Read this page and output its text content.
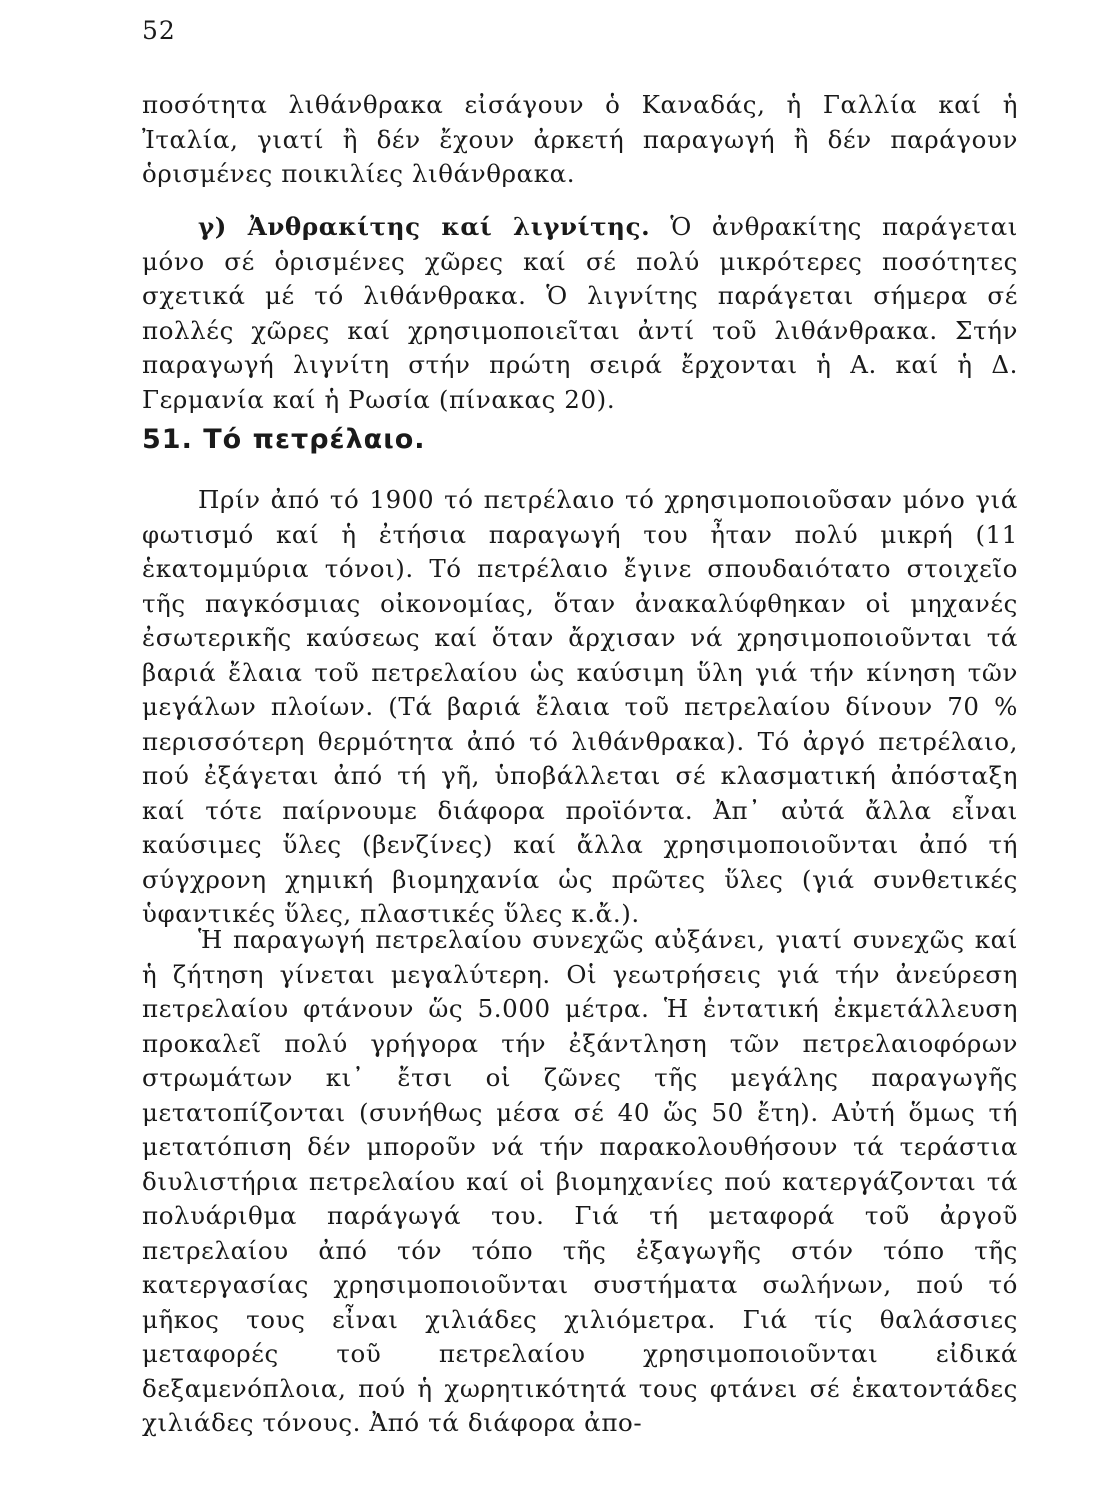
52

ποσότητα λιθάνθρακα εἰσάγουν ὁ Καναδάς, ἡ Γαλλία καί ἡ Ἰταλία, γιατί ἢ δέν ἔχουν ἀρκετή παραγωγή ἢ δέν παράγουν ὁρισμένες ποικιλίες λιθάνθρακα.

γ) Ἀνθρακίτης καί λιγνίτης. Ὁ ἀνθρακίτης παράγεται μόνο σέ ὁρισμένες χῶρες καί σέ πολύ μικρότερες ποσότητες σχετικά μέ τό λιθάνθρακα. Ὁ λιγνίτης παράγεται σήμερα σέ πολλές χῶρες καί χρησιμοποιεῖται ἀντί τοῦ λιθάνθρακα. Στήν παραγωγή λιγνίτη στήν πρώτη σειρά ἔρχονται ἡ Α. καί ἡ Δ. Γερμανία καί ἡ Ρωσία (πίνακας 20).

51. Τό πετρέλαιο.

Πρίν ἀπό τό 1900 τό πετρέλαιο τό χρησιμοποιοῦσαν μόνο γιά φωτισμό καί ἡ ἐτήσια παραγωγή του ἦταν πολύ μικρή (11 ἑκατομμύρια τόνοι). Τό πετρέλαιο ἔγινε σπουδαιότατο στοιχεῖο τῆς παγκόσμιας οἰκονομίας, ὅταν ἀνακαλύφθηκαν οἱ μηχανές ἐσωτερικῆς καύσεως καί ὅταν ἄρχισαν νά χρησιμοποιοῦνται τά βαριά ἔλαια τοῦ πετρελαίου ὡς καύσιμη ὕλη γιά τήν κίνηση τῶν μεγάλων πλοίων. (Τά βαριά ἔλαια τοῦ πετρελαίου δίνουν 70 % περισσότερη θερμότητα ἀπό τό λιθάνθρακα). Τό ἀργό πετρέλαιο, πού ἐξάγεται ἀπό τή γῆ, ὑποβάλλεται σέ κλασματική ἀπόσταξη καί τότε παίρνουμε διάφορα προϊόντα. Ἀπ᾿ αὐτά ἄλλα εἶναι καύσιμες ὕλες (βενζίνες) καί ἄλλα χρησιμοποιοῦνται ἀπό τή σύγχρονη χημική βιομηχανία ὡς πρῶτες ὕλες (γιά συνθετικές ὑφαντικές ὕλες, πλαστικές ὕλες κ.ἄ.).

Ἡ παραγωγή πετρελαίου συνεχῶς αὐξάνει, γιατί συνεχῶς καί ἡ ζήτηση γίνεται μεγαλύτερη. Οἱ γεωτρήσεις γιά τήν ἀνεύρεση πετρελαίου φτάνουν ὥς 5.000 μέτρα. Ἡ ἐντατική ἐκμετάλλευση προκαλεῖ πολύ γρήγορα τήν ἐξάντληση τῶν πετρελαιοφόρων στρωμάτων κι᾿ ἔτσι οἱ ζῶνες τῆς μεγάλης παραγωγῆς μετατοπίζονται (συνήθως μέσα σέ 40 ὥς 50 ἔτη). Αὐτή ὅμως τή μετατόπιση δέν μποροῦν νά τήν παρακολουθήσουν τά τεράστια διυλιστήρια πετρελαίου καί οἱ βιομηχανίες πού κατεργάζονται τά πολυάριθμα παράγωγά του. Γιά τή μεταφορά τοῦ ἀργοῦ πετρελαίου ἀπό τόν τόπο τῆς ἐξαγωγῆς στόν τόπο τῆς κατεργασίας χρησιμοποιοῦνται συστήματα σωλήνων, πού τό μῆκος τους εἶναι χιλιάδες χιλιόμετρα. Γιά τίς θαλάσσιες μεταφορές τοῦ πετρελαίου χρησιμοποιοῦνται εἰδικά δεξαμενόπλοια, πού ἡ χωρητικότητά τους φτάνει σέ ἑκατοντάδες χιλιάδες τόνους. Ἀπό τά διάφορα ἀπο-
